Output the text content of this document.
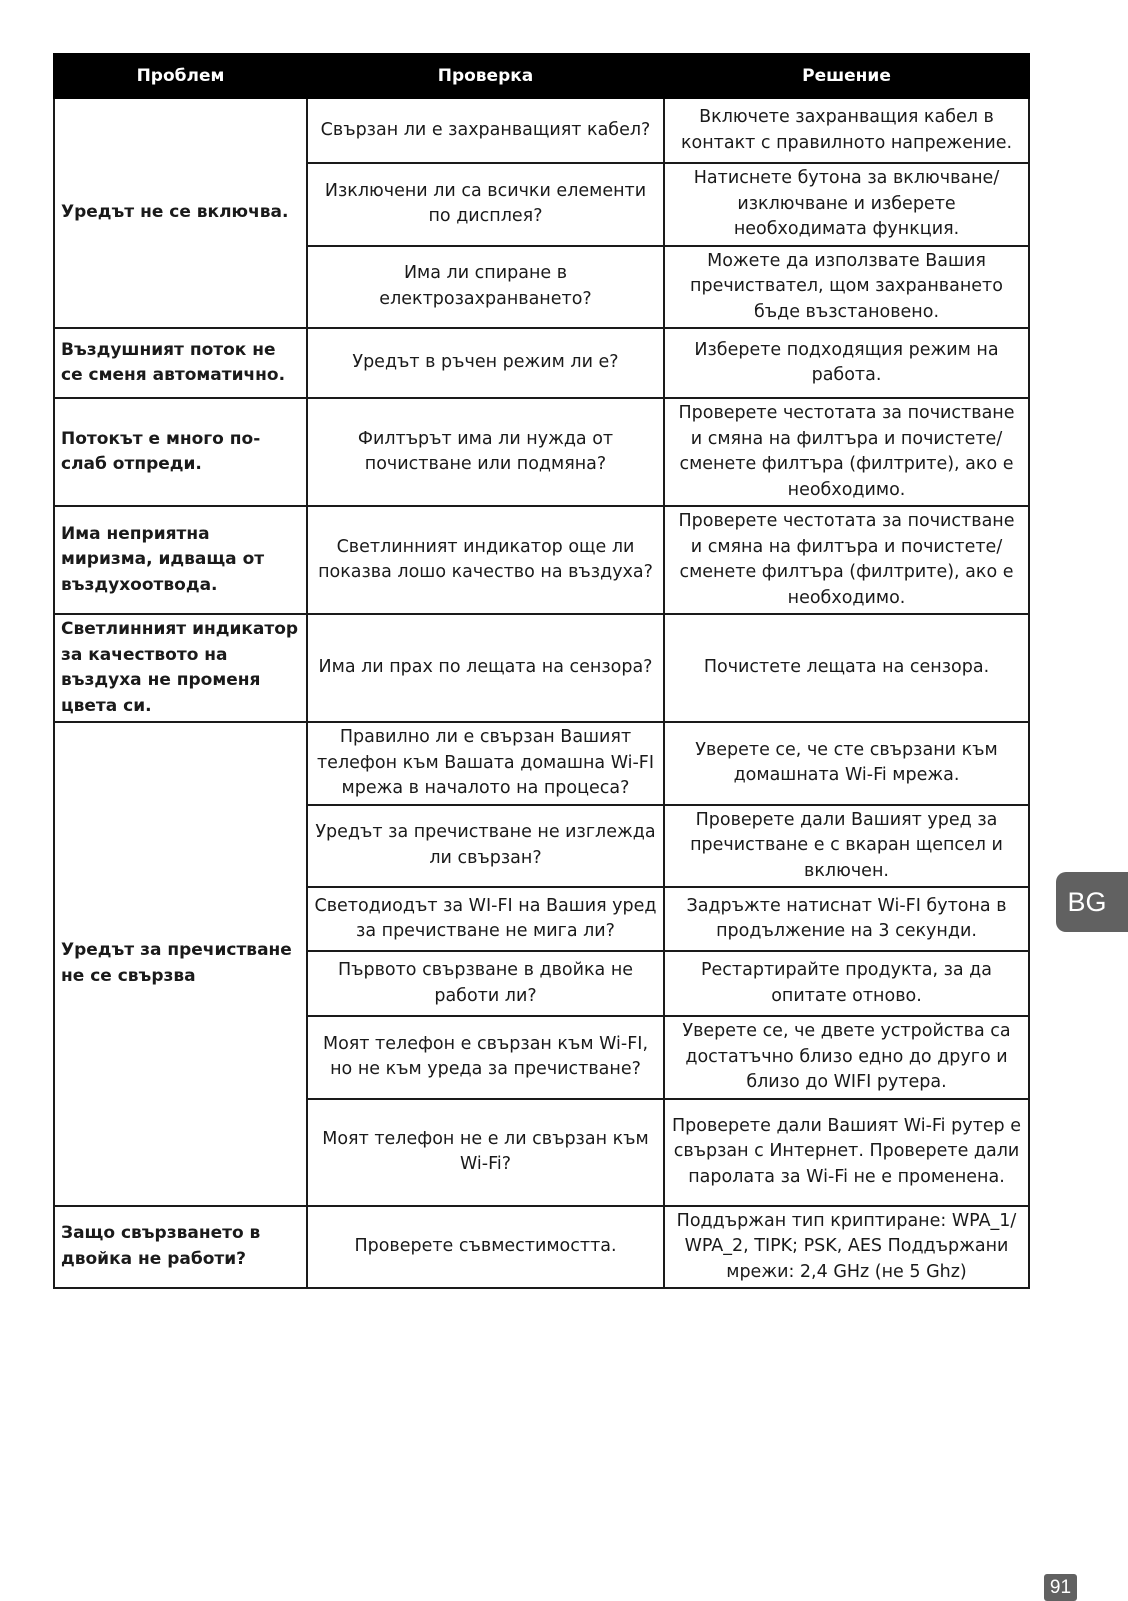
Проблем	Проверка	Решение
Уредът не се включва.	Свързан ли е захранващият кабел?	Включете захранващия кабел в контакт с правилното напрежение.
	Изключени ли са всички елементи по дисплея?	Натиснете бутона за включване/ изключване и изберете необходимата функция.
	Има ли спиране в електрозахранването?	Можете да използвате Вашия пречиствател, щом захранването бъде възстановено.
Въздушният поток не се сменя автоматично.	Уредът в ръчен режим ли е?	Изберете подходящия режим на работа.
Потокът е много по-слаб отпреди.	Филтърът има ли нужда от почистване или подмяна?	Проверете честотата за почистване и смяна на филтъра и почистете/ сменете филтъра (филтрите), ако е необходимо.
Има неприятна миризма, идваща от въздухоотвода.	Светлинният индикатор още ли показва лошо качество на въздуха?	Проверете честотата за почистване и смяна на филтъра и почистете/ сменете филтъра (филтрите), ако е необходимо.
Светлинният индикатор за качеството на въздуха не променя цвета си.	Има ли прах по лещата на сензора?	Почистете лещата на сензора.
Уредът за пречистване не се свързва	Правилно ли е свързан Вашият телефон към Вашата домашна Wi-FI мрежа в началото на процеса?	Уверете се, че сте свързани към домашната Wi-Fi мрежа.
	Уредът за пречистване не изглежда ли свързан?	Проверете дали Вашият уред за пречистване е с вкаран щепсел и включен.
	Светодиодът за WI-FI на Вашия уред за пречистване не мига ли?	Задръжте натиснат Wi-FI бутона в продължение на 3 секунди.
	Първото свързване в двойка не работи ли?	Рестартирайте продукта, за да опитате отново.
	Моят телефон е свързан към Wi-FI, но не към уреда за пречистване?	Уверете се, че двете устройства са достатъчно близо едно до друго и близо до WIFI рутера.
	Моят телефон не е ли свързан към Wi-Fi?	Проверете дали Вашият Wi-Fi рутер е свързан с Интернет. Проверете дали паролата за Wi-Fi не е променена.
Защо свързването в двойка не работи?	Проверете съвместимостта.	Поддържан тип криптиране: WPA_1/ WPA_2, TIPK; PSK, AES Поддържани мрежи: 2,4 GHz (не 5 Ghz)
BG
91
